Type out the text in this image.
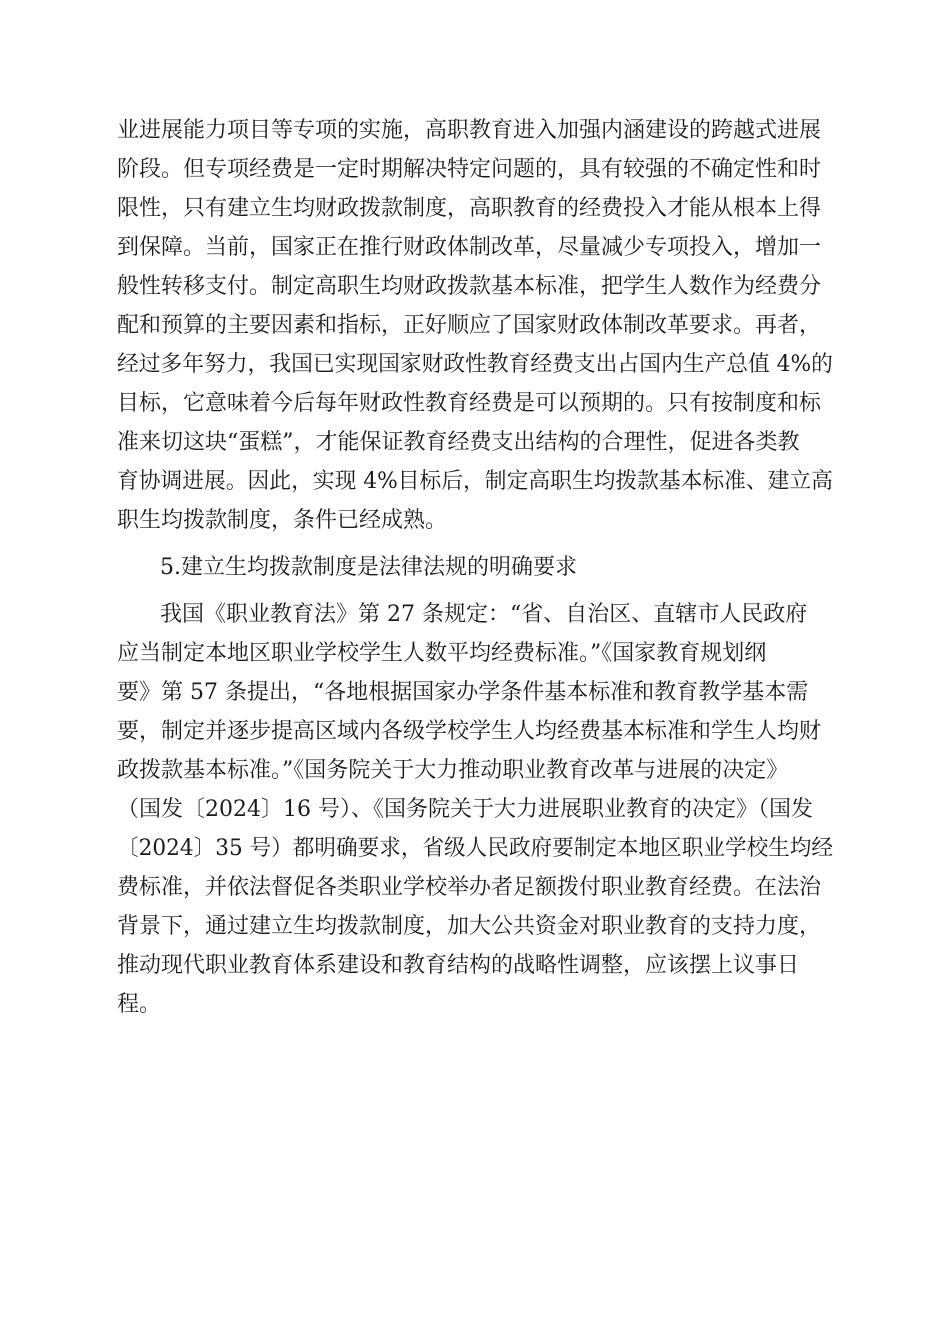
业进展能力项目等专项的实施，高职教育进入加强内涵建设的跨越式进展
阶段。但专项经费是一定时期解决特定问题的，具有较强的不确定性和时
限性，只有建立生均财政拨款制度，高职教育的经费投入才能从根本上得
到保障。当前，国家正在推行财政体制改革，尽量减少专项投入，增加一
般性转移支付。制定高职生均财政拨款基本标准，把学生人数作为经费分
配和预算的主要因素和指标，正好顺应了国家财政体制改革要求。再者，
经过多年努力，我国已实现国家财政性教育经费支出占国内生产总值 4%的
目标，它意味着今后每年财政性教育经费是可以预期的。只有按制度和标
准来切这块“蛋糕”，才能保证教育经费支出结构的合理性，促进各类教
育协调进展。因此，实现 4%目标后，制定高职生均拨款基本标准、建立高
职生均拨款制度，条件已经成熟。
5.建立生均拨款制度是法律法规的明确要求
我国《职业教育法》第 27 条规定：“省、自治区、直辖市人民政府
应当制定本地区职业学校学生人数平均经费标准。”《国家教育规划纲
要》第 57 条提出，“各地根据国家办学条件基本标准和教育教学基本需
要，制定并逐步提高区域内各级学校学生人均经费基本标准和学生人均财
政拨款基本标准。”《国务院关于大力推动职业教育改革与进展的决定》
（国发〔2024〕16 号）、《国务院关于大力进展职业教育的决定》（国发
〔2024〕35 号）都明确要求，省级人民政府要制定本地区职业学校生均经
费标准，并依法督促各类职业学校举办者足额拨付职业教育经费。在法治
背景下，通过建立生均拨款制度，加大公共资金对职业教育的支持力度，
推动现代职业教育体系建设和教育结构的战略性调整，应该摆上议事日
程。
